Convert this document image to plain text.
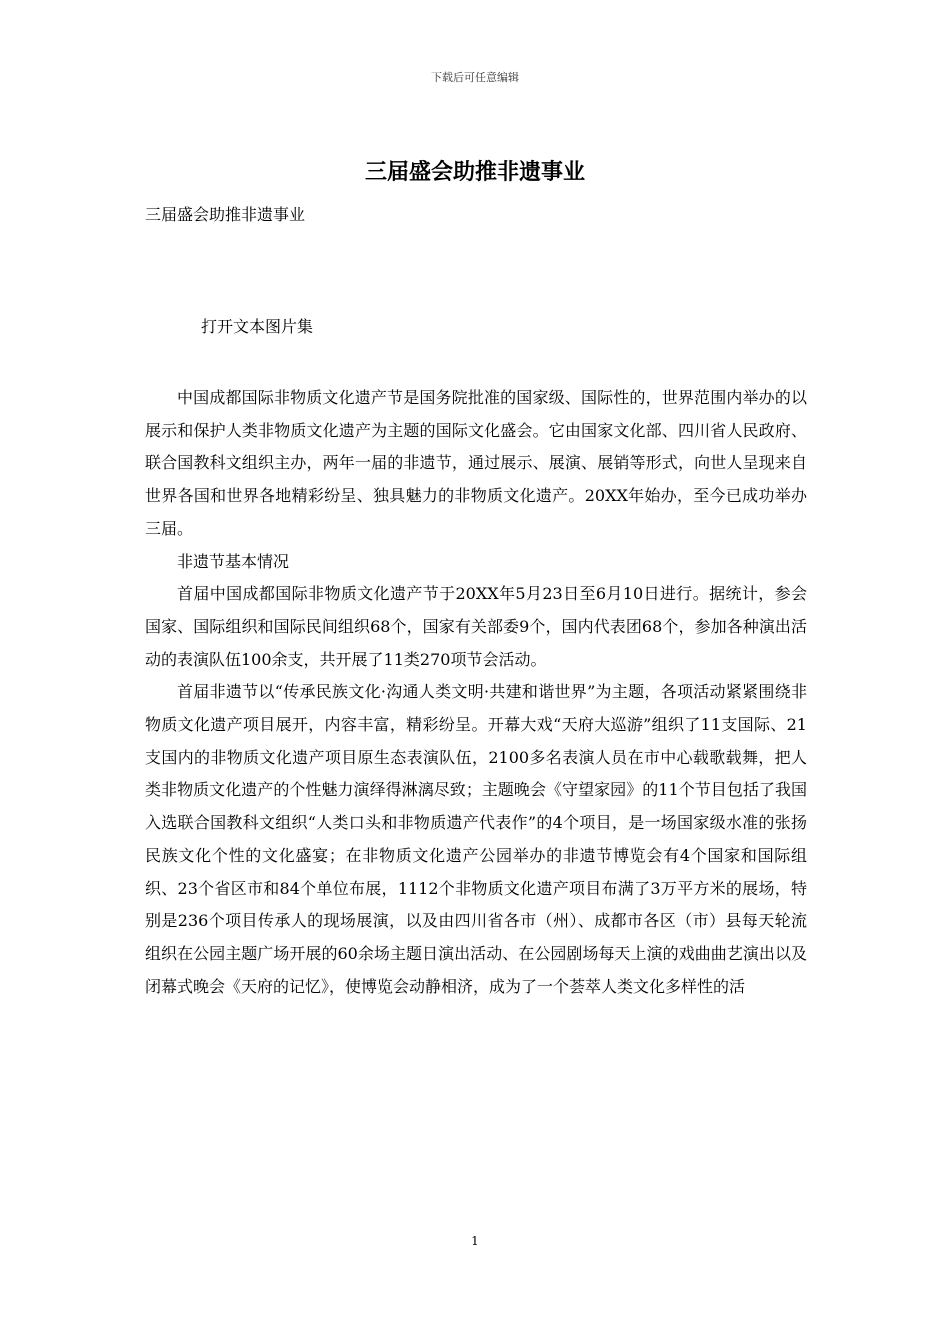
下载后可任意编辑
三届盛会助推非遗事业
三届盛会助推非遗事业
打开文本图片集

中国成都国际非物质文化遗产节是国务院批准的国家级、国际性的，世界范围内举办的以展示和保护人类非物质文化遗产为主题的国际文化盛会。它由国家文化部、四川省人民政府、联合国教科文组织主办，两年一届的非遗节，通过展示、展演、展销等形式，向世人呈现来自世界各国和世界各地精彩纷呈、独具魅力的非物质文化遗产。20XX年始办，至今已成功举办三届。

非遗节基本情况

首届中国成都国际非物质文化遗产节于20XX年5月23日至6月10日进行。据统计，参会国家、国际组织和国际民间组织68个，国家有关部委9个，国内代表团68个，参加各种演出活动的表演队伍100余支，共开展了11类270项节会活动。

首届非遗节以“传承民族文化·沟通人类文明·共建和谐世界”为主题，各项活动紧紧围绕非物质文化遗产项目展开，内容丰富，精彩纷呈。开幕大戏“天府大巡游”组织了11支国际、21支国内的非物质文化遗产项目原生态表演队伍，2100多名表演人员在市中心载歌载舞，把人类非物质文化遗产的个性魅力演绎得淋漓尽致；主题晚会《守望家园》的11个节目包括了我国入选联合国教科文组织“人类口头和非物质遗产代表作”的4个项目，是一场国家级水准的张扬民族文化个性的文化盛宴；在非物质文化遗产公园举办的非遗节博览会有4个国家和国际组织、23个省区市和84个单位布展，1112个非物质文化遗产项目布满了3万平方米的展场，特别是236个项目传承人的现场展演，以及由四川省各市（州）、成都市各区（市）县每天轮流组织在公园主题广场开展的60余场主题日演出活动、在公园剧场每天上演的戏曲曲艺演出以及闭幕式晚会《天府的记忆》，使博览会动静相济，成为了一个荟萃人类文化多样性的活

1
